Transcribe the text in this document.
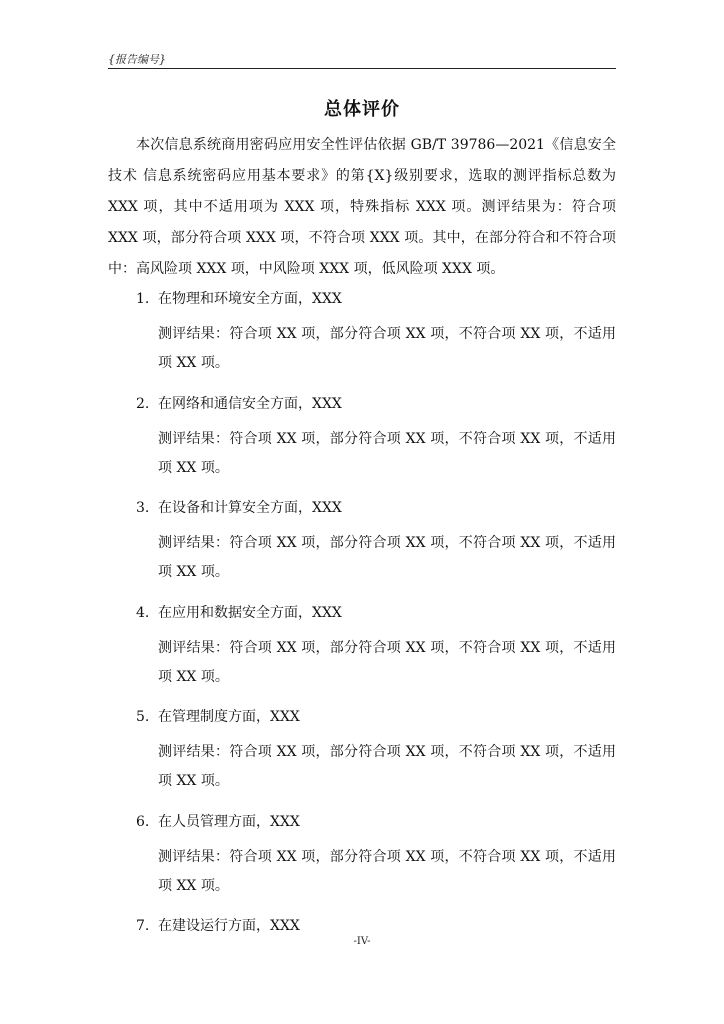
{报告编号}
总体评价
本次信息系统商用密码应用安全性评估依据 GB/T 39786—2021《信息安全技术 信息系统密码应用基本要求》的第{X}级别要求，选取的测评指标总数为 XXX 项，其中不适用项为 XXX 项，特殊指标 XXX 项。测评结果为：符合项 XXX 项，部分符合项 XXX 项，不符合项 XXX 项。其中，在部分符合和不符合项中：高风险项 XXX 项，中风险项 XXX 项，低风险项 XXX 项。
1. 在物理和环境安全方面，XXX
测评结果：符合项 XX 项，部分符合项 XX 项，不符合项 XX 项，不适用项 XX 项。
2. 在网络和通信安全方面，XXX
测评结果：符合项 XX 项，部分符合项 XX 项，不符合项 XX 项，不适用项 XX 项。
3. 在设备和计算安全方面，XXX
测评结果：符合项 XX 项，部分符合项 XX 项，不符合项 XX 项，不适用项 XX 项。
4. 在应用和数据安全方面，XXX
测评结果：符合项 XX 项，部分符合项 XX 项，不符合项 XX 项，不适用项 XX 项。
5. 在管理制度方面，XXX
测评结果：符合项 XX 项，部分符合项 XX 项，不符合项 XX 项，不适用项 XX 项。
6. 在人员管理方面，XXX
测评结果：符合项 XX 项，部分符合项 XX 项，不符合项 XX 项，不适用项 XX 项。
7. 在建设运行方面，XXX
-IV-
